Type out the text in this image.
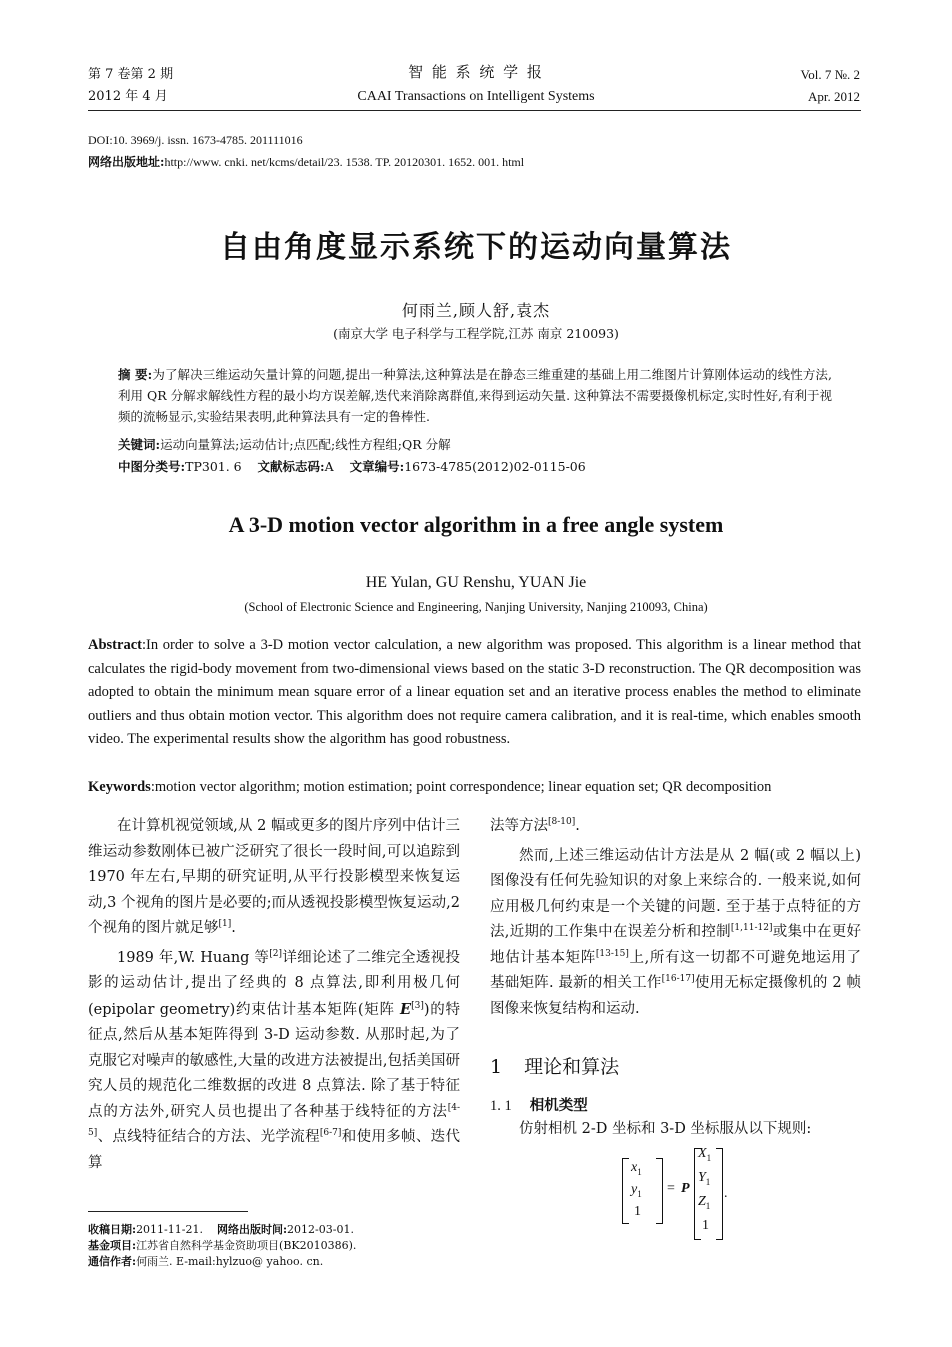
第 7 卷第 2 期
2012 年 4 月
智 能 系 统 学 报
CAAI Transactions on Intelligent Systems
Vol. 7 №. 2
Apr. 2012
DOI:10. 3969/j. issn. 1673-4785. 201111016
网络出版地址:http://www. cnki. net/kcms/detail/23. 1538. TP. 20120301. 1652. 001. html
自由角度显示系统下的运动向量算法
何雨兰,顾人舒,袁杰
(南京大学 电子科学与工程学院,江苏 南京 210093)
摘 要:为了解决三维运动矢量计算的问题,提出一种算法,这种算法是在静态三维重建的基础上用二维图片计算刚体运动的线性方法,利用 QR 分解求解线性方程的最小均方误差解,迭代来消除离群值,来得到运动矢量. 这种算法不需要摄像机标定,实时性好,有利于视频的流畅显示,实验结果表明,此种算法具有一定的鲁棒性.
关键词:运动向量算法;运动估计;点匹配;线性方程组;QR 分解
中图分类号:TP301. 6 文献标志码:A 文章编号:1673-4785(2012)02-0115-06
A 3-D motion vector algorithm in a free angle system
HE Yulan, GU Renshu, YUAN Jie
(School of Electronic Science and Engineering, Nanjing University, Nanjing 210093, China)
Abstract:In order to solve a 3-D motion vector calculation, a new algorithm was proposed. This algorithm is a linear method that calculates the rigid-body movement from two-dimensional views based on the static 3-D reconstruction. The QR decomposition was adopted to obtain the minimum mean square error of a linear equation set and an iterative process enables the method to eliminate outliers and thus obtain motion vector. This algorithm does not require camera calibration, and it is real-time, which enables smooth video. The experimental results show the algorithm has good robustness.
Keywords:motion vector algorithm; motion estimation; point correspondence; linear equation set; QR decomposition
在计算机视觉领域,从 2 幅或更多的图片序列中估计三维运动参数刚体已被广泛研究了很长一段时间,可以追踪到 1970 年左右,早期的研究证明,从平行投影模型来恢复运动,3 个视角的图片是必要的;而从透视投影模型恢复运动,2 个视角的图片就足够[1].
1989 年,W. Huang 等[2]详细论述了二维完全透视投影的运动估计,提出了经典的 8 点算法,即利用极几何(epipolar geometry)约束估计基本矩阵(矩阵 E[3])的特征点,然后从基本矩阵得到 3-D 运动参数. 从那时起,为了克服它对噪声的敏感性,大量的改进方法被提出,包括美国研究人员的规范化二维数据的改进 8 点算法. 除了基于特征点的方法外,研究人员也提出了各种基于线特征的方法[4-5]、点线特征结合的方法、光学流程[6-7]和使用多帧、迭代算
收稿日期:2011-11-21. 网络出版时间:2012-03-01.
基金项目:江苏省自然科学基金资助项目(BK2010386).
通信作者:何雨兰. E-mail:hylzuo@ yahoo. cn.
法等方法[8-10].
然而,上述三维运动估计方法是从 2 幅(或 2 幅以上)图像没有任何先验知识的对象上来综合的. 一般来说,如何应用极几何约束是一个关键的问题. 至于基于点特征的方法,近期的工作集中在误差分析和控制[1,11-12]或集中在更好地估计基本矩阵[13-15]上,所有这一切都不可避免地运用了基础矩阵. 最新的相关工作[16-17]使用无标定摄像机的 2 帧图像来恢复结构和运动.
1 理论和算法
1. 1 相机类型
仿射相机 2-D 坐标和 3-D 坐标服从以下规则:
$x_1$
$y_1$
1
= P
$X_1$
$Y_1$
$Z_1$
1
.
